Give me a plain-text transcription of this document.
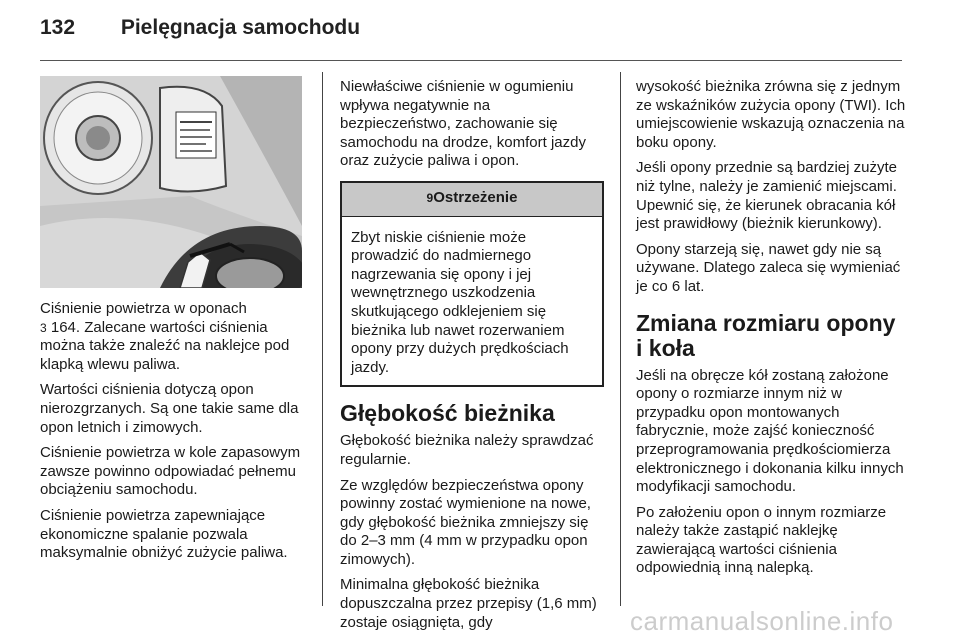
132 Pielęgnacja samochodu

Ciśnienie powietrza w oponach
3 164. Zalecane wartości ciśnienia można także znaleźć na naklejce pod klapką wlewu paliwa.

Wartości ciśnienia dotyczą opon nierozgrzanych. Są one takie same dla opon letnich i zimowych.

Ciśnienie powietrza w kole zapasowym zawsze powinno odpowiadać pełnemu obciążeniu samochodu.

Ciśnienie powietrza zapewniające ekonomiczne spalanie pozwala maksymalnie obniżyć zużycie paliwa.

Niewłaściwe ciśnienie w ogumieniu wpływa negatywnie na bezpieczeństwo, zachowanie się samochodu na drodze, komfort jazdy oraz zużycie paliwa i opon.

9Ostrzeżenie
Zbyt niskie ciśnienie może prowadzić do nadmiernego nagrzewania się opony i jej wewnętrznego uszkodzenia skutkującego odklejeniem się bieżnika lub nawet rozerwaniem opony przy dużych prędkościach jazdy.
Głębokość bieżnika

Głębokość bieżnika należy sprawdzać regularnie.

Ze względów bezpieczeństwa opony powinny zostać wymienione na nowe, gdy głębokość bieżnika zmniejszy się do 2–3 mm (4 mm w przypadku opon zimowych).

Minimalna głębokość bieżnika dopuszczalna przez przepisy (1,6 mm) zostaje osiągnięta, gdy

wysokość bieżnika zrówna się z jednym ze wskaźników zużycia opony (TWI). Ich umiejscowienie wskazują oznaczenia na boku opony.

Jeśli opony przednie są bardziej zużyte niż tylne, należy je zamienić miejscami. Upewnić się, że kierunek obracania kół jest prawidłowy (bieżnik kierunkowy).

Opony starzeją się, nawet gdy nie są używane. Dlatego zaleca się wymieniać je co 6 lat.

Zmiana rozmiaru opony
i koła

Jeśli na obręcze kół zostaną założone opony o rozmiarze innym niż w przypadku opon montowanych fabrycznie, może zajść konieczność przeprogramowania prędkościomierza elektronicznego i dokonania kilku innych modyfikacji samochodu.

Po założeniu opon o innym rozmiarze należy także zastąpić naklejkę zawierającą wartości ciśnienia odpowiednią inną nalepką.

carmanualsonline.info
